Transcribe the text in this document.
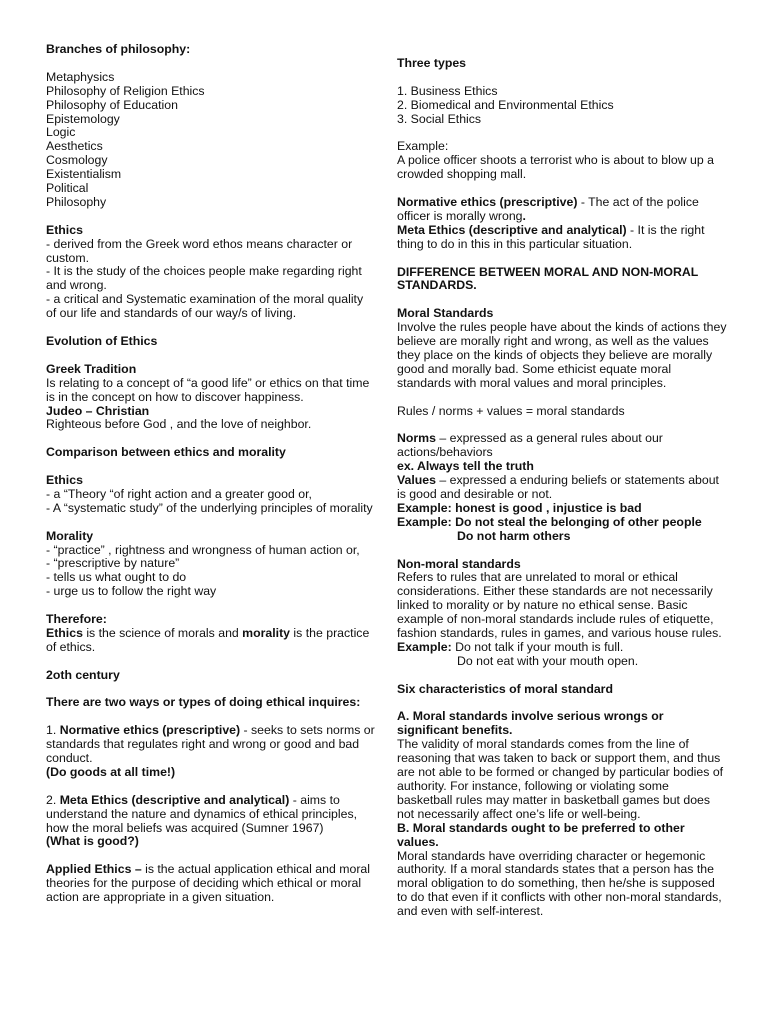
Branches of philosophy:

Metaphysics

Philosophy of Religion Ethics

Philosophy of Education

Epistemology

Logic

Aesthetics

Cosmology

Existentialism

Political

Philosophy

Ethics

- derived from the Greek word ethos means character or custom.

- It is the study of the choices people make regarding right and wrong.

- a critical and Systematic examination of the moral quality of our life and standards of our way/s of living.

Evolution of Ethics

Greek Tradition

Is relating to a concept of “a good life” or ethics on that time is in the concept on how to discover happiness.

Judeo – Christian

Righteous before God , and the love of neighbor.

Comparison between ethics and morality

Ethics

- a “Theory “of right action and a greater good or,

- A “systematic study” of the underlying principles of morality

Morality

- “practice” , rightness and wrongness of human action or,

- “prescriptive by nature”

- tells us what ought to do

- urge us to follow the right way

Therefore:

Ethics is the science of morals and morality is the practice of ethics.

2oth century

There are two ways or types of doing ethical inquires:

1. Normative ethics (prescriptive) - seeks to sets norms or standards that regulates right and wrong or good and bad conduct.

(Do goods at all time!)

2. Meta Ethics (descriptive and analytical) - aims to understand the nature and dynamics of ethical principles, how the moral beliefs was acquired (Sumner 1967)

(What is good?)

Applied Ethics – is the actual application ethical and moral theories for the purpose of deciding which ethical or moral action are appropriate in a given situation.

Three types

1. Business Ethics

2. Biomedical and Environmental Ethics

3. Social Ethics

Example:

A police officer shoots a terrorist who is about to blow up a crowded shopping mall.

Normative ethics (prescriptive) - The act of the police officer is morally wrong.

Meta Ethics (descriptive and analytical) - It is the right thing to do in this in this particular situation.

DIFFERENCE BETWEEN MORAL AND NON-MORAL STANDARDS.

Moral Standards

Involve the rules people have about the kinds of actions they believe are morally right and wrong, as well as the values they place on the kinds of objects they believe are morally good and morally bad. Some ethicist equate moral standards with moral values and moral principles.

Rules / norms + values = moral standards

Norms – expressed as a general rules about our actions/behaviors

ex. Always tell the truth

Values – expressed a enduring beliefs or statements about is good and desirable or not.

Example: honest is good , injustice is bad

Example: Do not steal the belonging of other people

Do not harm others

Non-moral standards

Refers to rules that are unrelated to moral or ethical considerations. Either these standards are not necessarily linked to morality or by nature no ethical sense. Basic example of non-moral standards include rules of etiquette, fashion standards, rules in games, and various house rules.

Example: Do not talk if your mouth is full.

Do not eat with your mouth open.

Six characteristics of moral standard

A. Moral standards involve serious wrongs or significant benefits.

The validity of moral standards comes from the line of reasoning that was taken to back or support them, and thus are not able to be formed or changed by particular bodies of authority. For instance, following or violating some basketball rules may matter in basketball games but does not necessarily affect one’s life or well-being.

B. Moral standards ought to be preferred to other values.

Moral standards have overriding character or hegemonic authority. If a moral standards states that a person has the moral obligation to do something, then he/she is supposed to do that even if it conflicts with other non-moral standards, and even with self-interest.
